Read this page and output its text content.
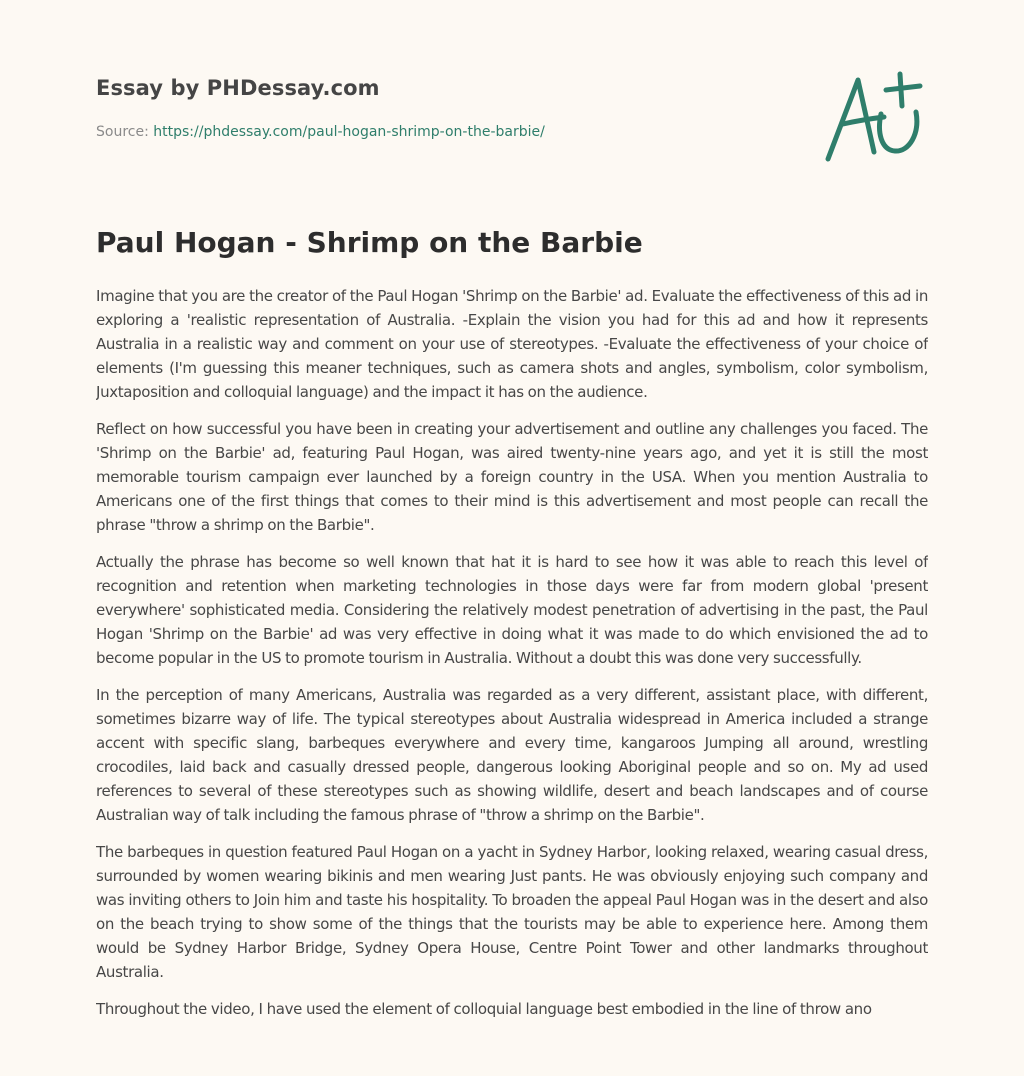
Essay by PHDessay.com
Source: https://phdessay.com/paul-hogan-shrimp-on-the-barbie/
Paul Hogan - Shrimp on the Barbie

Imagine that you are the creator of the Paul Hogan 'Shrimp on the Barbie' ad. Evaluate the effectiveness of this ad in exploring a 'realistic representation of Australia. -Explain the vision you had for this ad and how it represents Australia in a realistic way and comment on your use of stereotypes. -Evaluate the effectiveness of your choice of elements (I'm guessing this meaner techniques, such as camera shots and angles, symbolism, color symbolism, Juxtaposition and colloquial language) and the impact it has on the audience.

Reflect on how successful you have been in creating your advertisement and outline any challenges you faced. The 'Shrimp on the Barbie' ad, featuring Paul Hogan, was aired twenty-nine years ago, and yet it is still the most memorable tourism campaign ever launched by a foreign country in the USA. When you mention Australia to Americans one of the first things that comes to their mind is this advertisement and most people can recall the phrase "throw a shrimp on the Barbie".

Actually the phrase has become so well known that hat it is hard to see how it was able to reach this level of recognition and retention when marketing technologies in those days were far from modern global 'present everywhere' sophisticated media. Considering the relatively modest penetration of advertising in the past, the Paul Hogan 'Shrimp on the Barbie' ad was very effective in doing what it was made to do which envisioned the ad to become popular in the US to promote tourism in Australia. Without a doubt this was done very successfully.

In the perception of many Americans, Australia was regarded as a very different, assistant place, with different, sometimes bizarre way of life. The typical stereotypes about Australia widespread in America included a strange accent with specific slang, barbeques everywhere and every time, kangaroos Jumping all around, wrestling crocodiles, laid back and casually dressed people, dangerous looking Aboriginal people and so on. My ad used references to several of these stereotypes such as showing wildlife, desert and beach landscapes and of course Australian way of talk including the famous phrase of "throw a shrimp on the Barbie".

The barbeques in question featured Paul Hogan on a yacht in Sydney Harbor, looking relaxed, wearing casual dress, surrounded by women wearing bikinis and men wearing Just pants. He was obviously enjoying such company and was inviting others to Join him and taste his hospitality. To broaden the appeal Paul Hogan was in the desert and also on the beach trying to show some of the things that the tourists may be able to experience here. Among them would be Sydney Harbor Bridge, Sydney Opera House, Centre Point Tower and other landmarks throughout Australia.

Throughout the video, I have used the element of colloquial language best embodied in the line of throw ano
